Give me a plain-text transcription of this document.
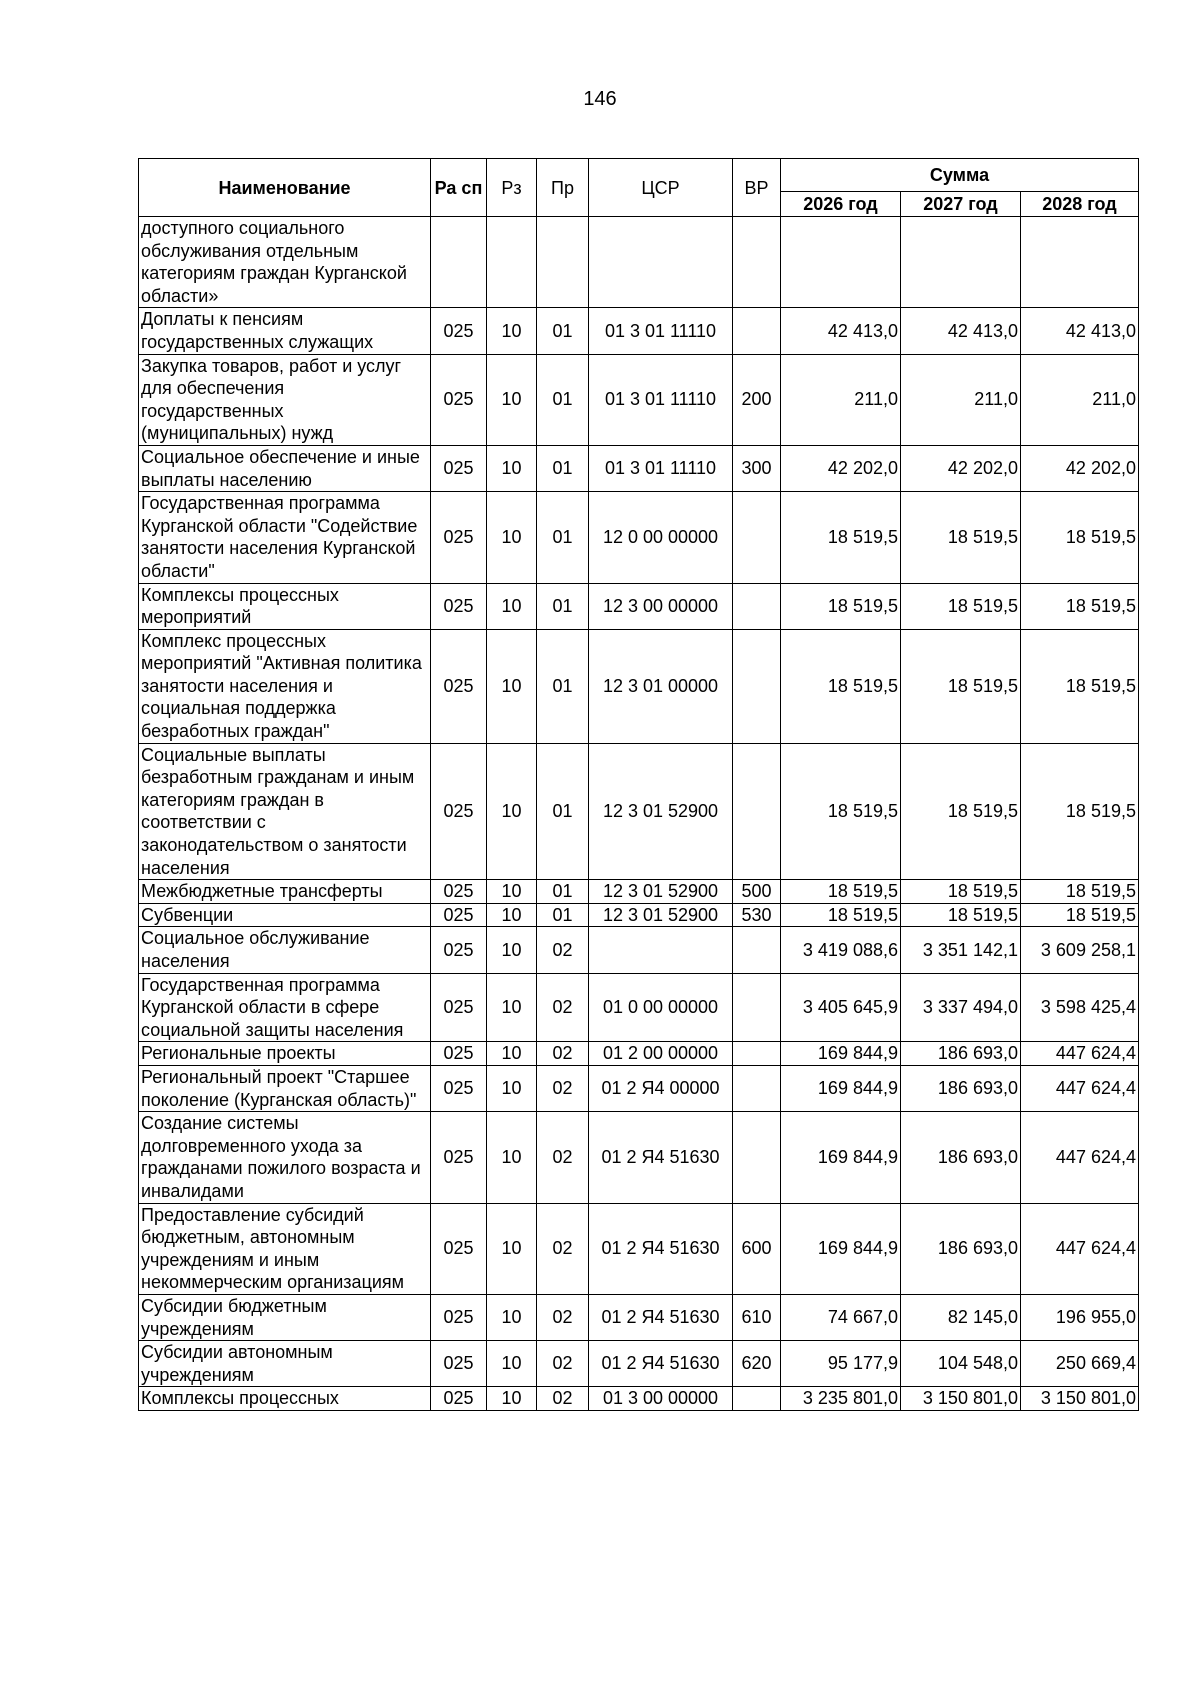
146
Наименование	Ра сп	Рз	Пр	ЦСР	ВР	Сумма		
						2026 год	2027 год	2028 год
доступного социального обслуживания отдельным категориям граждан Курганской области»								
Доплаты к пенсиям государственных служащих	025	10	01	01 3 01 11110		42 413,0	42 413,0	42 413,0
Закупка товаров, работ и услуг для обеспечения государственных (муниципальных) нужд	025	10	01	01 3 01 11110	200	211,0	211,0	211,0
Социальное обеспечение и иные выплаты населению	025	10	01	01 3 01 11110	300	42 202,0	42 202,0	42 202,0
Государственная программа Курганской области "Содействие занятости населения Курганской области"	025	10	01	12 0 00 00000		18 519,5	18 519,5	18 519,5
Комплексы процессных мероприятий	025	10	01	12 3 00 00000		18 519,5	18 519,5	18 519,5
Комплекс процессных мероприятий "Активная политика занятости населения и социальная поддержка безработных граждан"	025	10	01	12 3 01 00000		18 519,5	18 519,5	18 519,5
Социальные выплаты безработным гражданам и иным категориям граждан в соответствии с законодательством о занятости населения	025	10	01	12 3 01 52900		18 519,5	18 519,5	18 519,5
Межбюджетные трансферты	025	10	01	12 3 01 52900	500	18 519,5	18 519,5	18 519,5
Субвенции	025	10	01	12 3 01 52900	530	18 519,5	18 519,5	18 519,5
Социальное обслуживание населения	025	10	02			3 419 088,6	3 351 142,1	3 609 258,1
Государственная программа Курганской области в сфере социальной защиты населения	025	10	02	01 0 00 00000		3 405 645,9	3 337 494,0	3 598 425,4
Региональные проекты	025	10	02	01 2 00 00000		169 844,9	186 693,0	447 624,4
Региональный проект "Старшее поколение (Курганская область)"	025	10	02	01 2 Я4 00000		169 844,9	186 693,0	447 624,4
Создание системы долговременного ухода за гражданами пожилого возраста и инвалидами	025	10	02	01 2 Я4 51630		169 844,9	186 693,0	447 624,4
Предоставление субсидий бюджетным, автономным учреждениям и иным некоммерческим организациям	025	10	02	01 2 Я4 51630	600	169 844,9	186 693,0	447 624,4
Субсидии бюджетным учреждениям	025	10	02	01 2 Я4 51630	610	74 667,0	82 145,0	196 955,0
Субсидии автономным учреждениям	025	10	02	01 2 Я4 51630	620	95 177,9	104 548,0	250 669,4
Комплексы процессных	025	10	02	01 3 00 00000		3 235 801,0	3 150 801,0	3 150 801,0
